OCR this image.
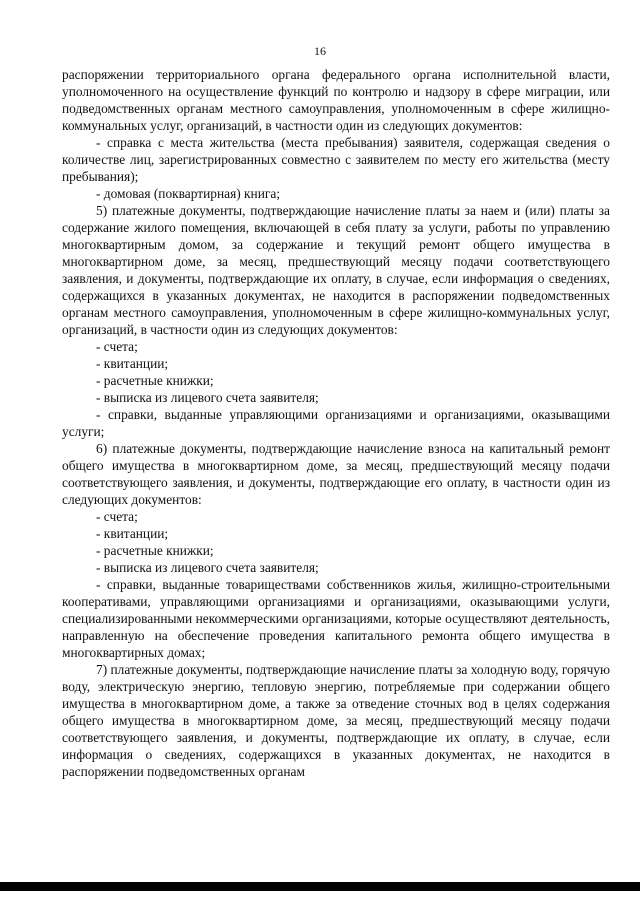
16

распоряжении территориального органа федерального органа исполнительной власти, уполномоченного на осуществление функций по контролю и надзору в сфере миграции, или подведомственных органам местного самоуправления, уполномоченным в сфере жилищно-коммунальных услуг, организаций, в частности один из следующих документов:

- справка с места жительства (места пребывания) заявителя, содержащая сведения о количестве лиц, зарегистрированных совместно с заявителем по месту его жительства (месту пребывания);

- домовая (поквартирная) книга;

5) платежные документы, подтверждающие начисление платы за наем и (или) платы за содержание жилого помещения, включающей в себя плату за услуги, работы по управлению многоквартирным домом, за содержание и текущий ремонт общего имущества в многоквартирном доме, за месяц, предшествующий месяцу подачи соответствующего заявления, и документы, подтверждающие их оплату, в случае, если информация о сведениях, содержащихся в указанных документах, не находится в распоряжении подведомственных органам местного самоуправления, уполномоченным в сфере жилищно-коммунальных услуг, организаций, в частности один из следующих документов:

- счета;

- квитанции;

- расчетные книжки;

- выписка из лицевого счета заявителя;

- справки, выданные управляющими организациями и организациями, оказыващими услуги;

6) платежные документы, подтверждающие начисление взноса на капитальный ремонт общего имущества в многоквартирном доме, за месяц, предшествующий месяцу подачи соответствующего заявления, и документы, подтверждающие его оплату, в частности один из следующих документов:

- счета;

- квитанции;

- расчетные книжки;

- выписка из лицевого счета заявителя;

- справки, выданные товариществами собственников жилья, жилищно-строительными кооперативами, управляющими организациями и организациями, оказывающими услуги, специализированными некоммерческими организациями, которые осуществляют деятельность, направленную на обеспечение проведения капитального ремонта общего имущества в многоквартирных домах;

7) платежные документы, подтверждающие начисление платы за холодную воду, горячую воду, электрическую энергию, тепловую энергию, потребляемые при содержании общего имущества в многоквартирном доме, а также за отведение сточных вод в целях содержания общего имущества в многоквартирном доме, за месяц, предшествующий месяцу подачи соответствующего заявления, и документы, подтверждающие их оплату, в случае, если информация о сведениях, содержащихся в указанных документах, не находится в распоряжении подведомственных органам
